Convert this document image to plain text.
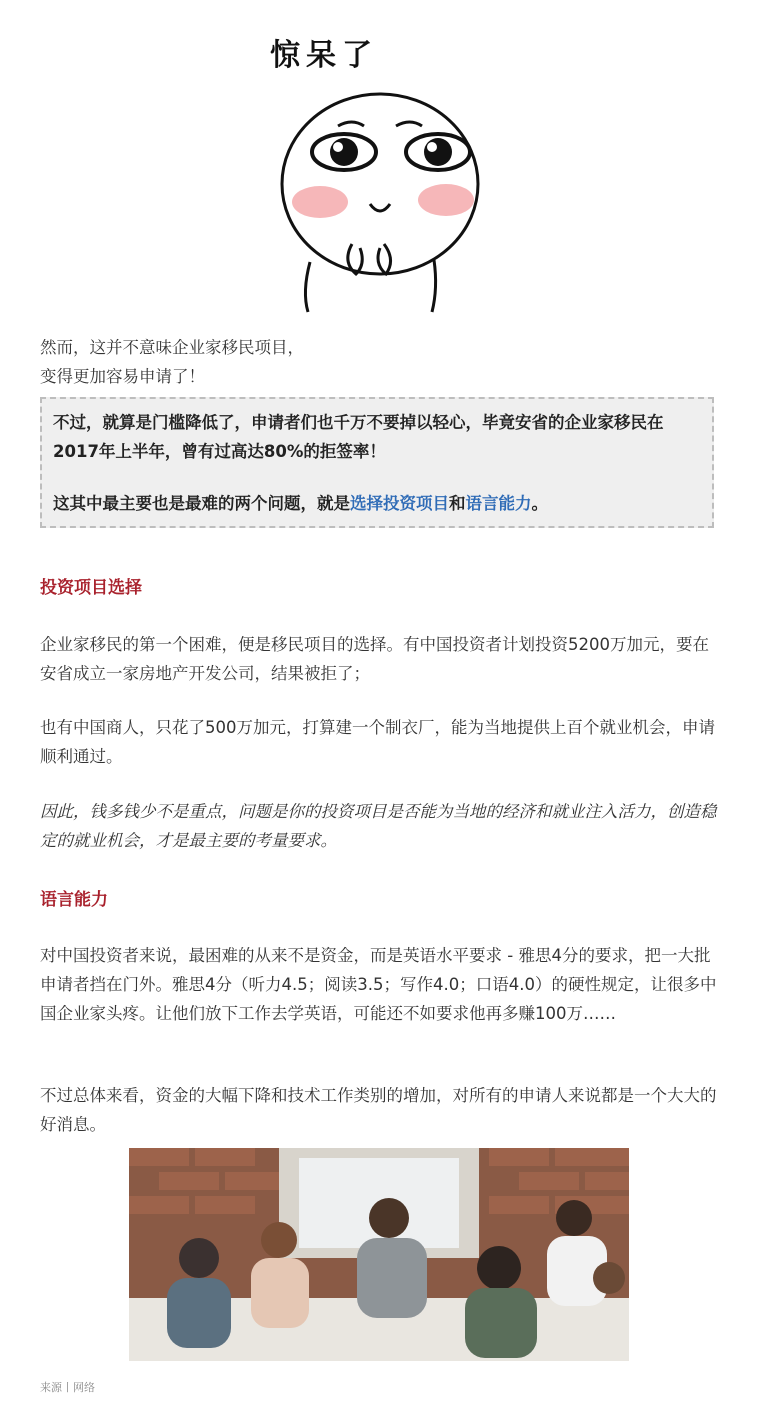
惊呆了

然而，这并不意味企业家移民项目，
变得更加容易申请了！

不过，就算是门槛降低了，申请者们也千万不要掉以轻心，毕竟安省的企业家移民在2017年上半年，曾有过高达80%的拒签率！

这其中最主要也是最难的两个问题，就是选择投资项目和语言能力。

投资项目选择

企业家移民的第一个困难，便是移民项目的选择。有中国投资者计划投资5200万加元，要在安省成立一家房地产开发公司，结果被拒了；

也有中国商人，只花了500万加元，打算建一个制衣厂，能为当地提供上百个就业机会，申请顺利通过。

因此，钱多钱少不是重点，问题是你的投资项目是否能为当地的经济和就业注入活力，创造稳定的就业机会，才是最主要的考量要求。

语言能力

对中国投资者来说，最困难的从来不是资金，而是英语水平要求 - 雅思4分的要求，把一大批申请者挡在门外。雅思4分（听力4.5；阅读3.5；写作4.0；口语4.0）的硬性规定，让很多中国企业家头疼。让他们放下工作去学英语，可能还不如要求他再多赚100万……

不过总体来看，资金的大幅下降和技术工作类别的增加，对所有的申请人来说都是一个大大的好消息。

来源丨网络
